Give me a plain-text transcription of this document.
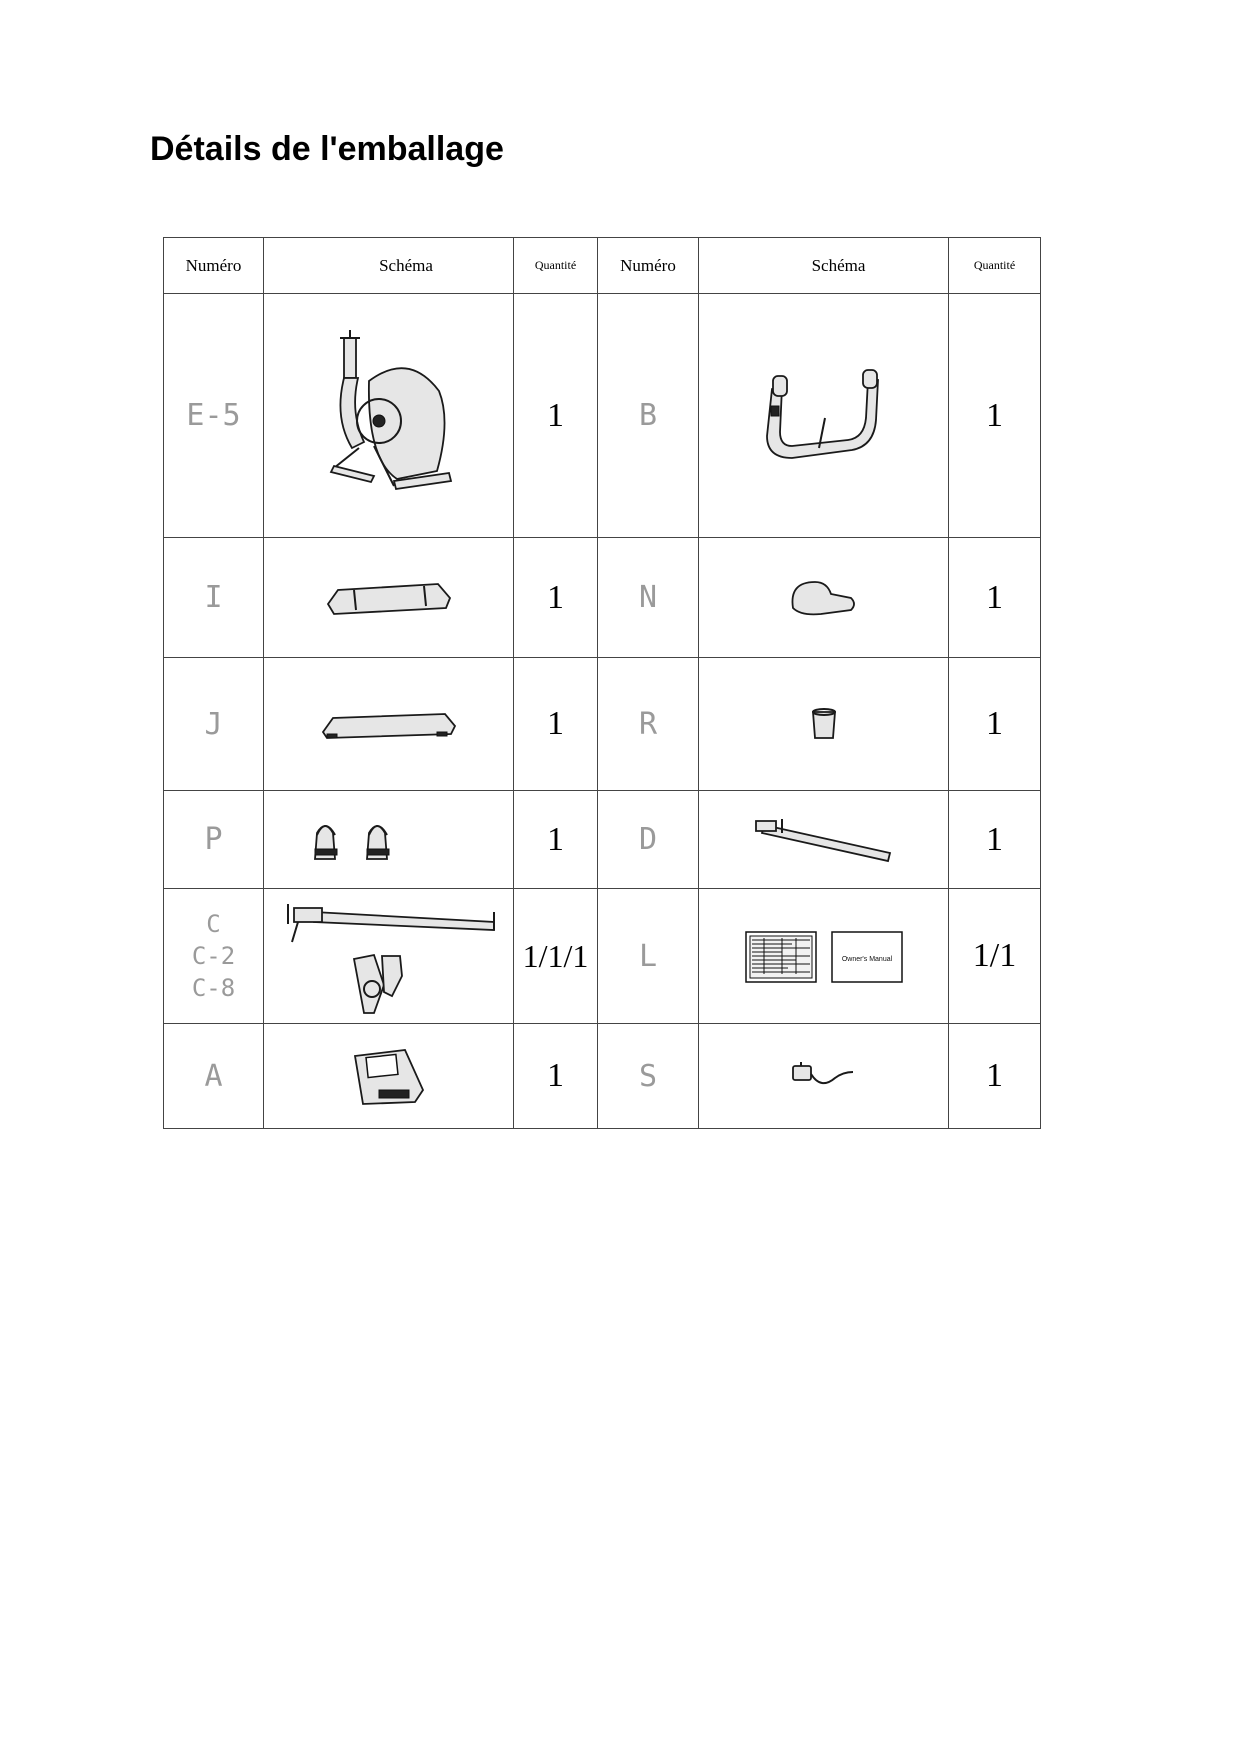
Détails de l'emballage
Numéro	Schéma	Quantité	Numéro	Schéma	Quantité
E-5		1	B		1
I		1	N		1
J		1	R		1
P		1	D		1

C
C-2
C-8		1/1/1	L	Owner's Manual	1/1
A		1	S		1
